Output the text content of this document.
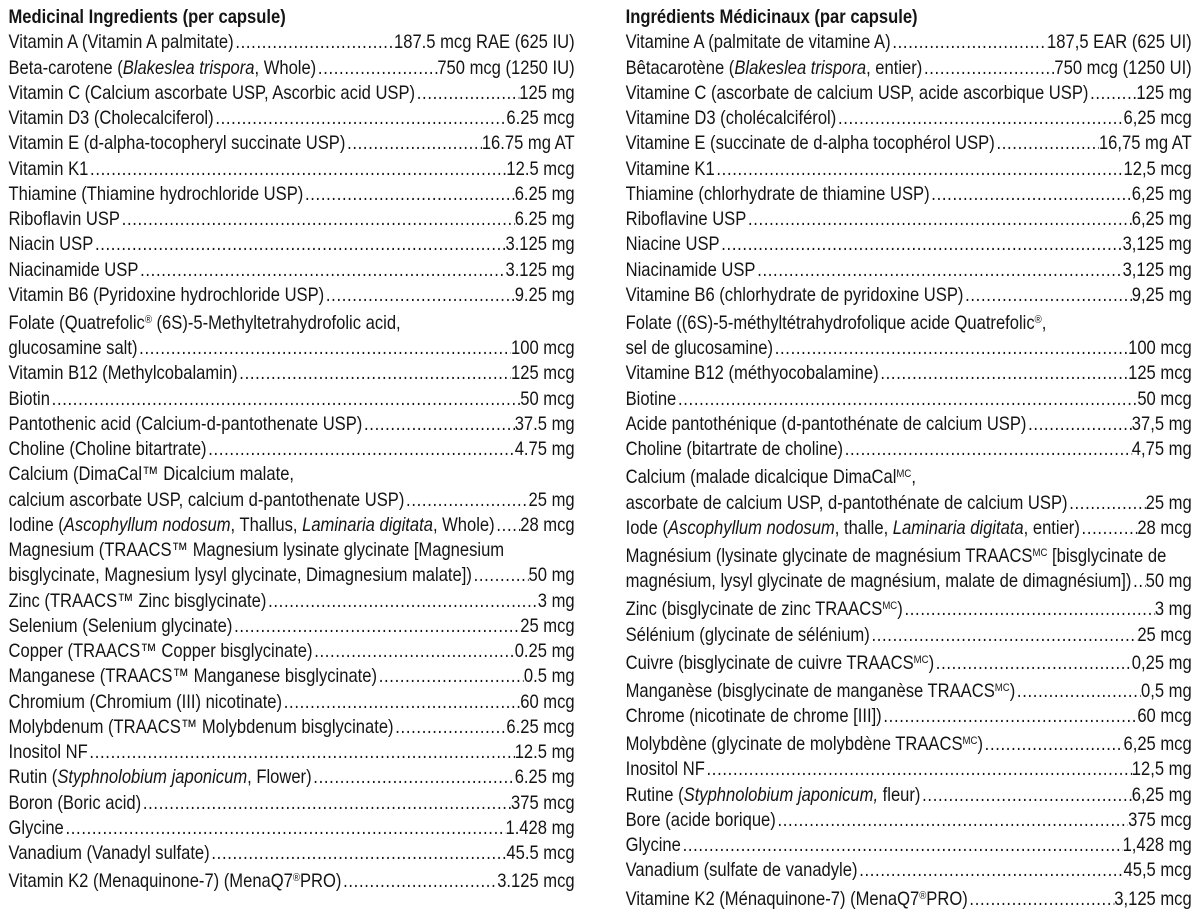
Medicinal Ingredients (per capsule)
Vitamin A (Vitamin A palmitate) .....	187.5 mcg RAE (625 IU)
Beta-carotene (Blakeslea trispora, Whole) .....	750 mcg (1250 IU)
Vitamin C (Calcium ascorbate USP, Ascorbic acid USP) .....	125 mg
Vitamin D3 (Cholecalciferol) .....	6.25 mcg
Vitamin E (d-alpha-tocopheryl succinate USP) .....	16.75 mg AT
Vitamin K1 .....	12.5 mcg
Thiamine (Thiamine hydrochloride USP) .....	6.25 mg
Riboflavin USP .....	6.25 mg
Niacin USP .....	3.125 mg
Niacinamide USP .....	3.125 mg
Vitamin B6 (Pyridoxine hydrochloride USP) .....	9.25 mg
Folate (Quatrefolic® (6S)-5-Methyltetrahydrofolic acid,
glucosamine salt) .....	100 mcg
Vitamin B12 (Methylcobalamin) .....	125 mcg
Biotin .....	50 mcg
Pantothenic acid (Calcium-d-pantothenate USP) .....	37.5 mg
Choline (Choline bitartrate) .....	4.75 mg
Calcium (DimaCal™ Dicalcium malate,
calcium ascorbate USP, calcium d-pantothenate USP) .....	25 mg
Iodine (Ascophyllum nodosum, Thallus, Laminaria digitata, Whole) ..... 28 mcg
Magnesium (TRAACS™ Magnesium lysinate glycinate [Magnesium
bisglycinate, Magnesium lysyl glycinate, Dimagnesium malate]) .....	50 mg
Zinc (TRAACS™ Zinc bisglycinate) .....	3 mg
Selenium (Selenium glycinate) .....	25 mcg
Copper (TRAACS™ Copper bisglycinate) .....	0.25 mg
Manganese (TRAACS™ Manganese bisglycinate) .....	0.5 mg
Chromium (Chromium (III) nicotinate) .....	60 mcg
Molybdenum (TRAACS™ Molybdenum bisglycinate) .....	6.25 mcg
Inositol NF .....	12.5 mg
Rutin (Styphnolobium japonicum, Flower) .....	6.25 mg
Boron (Boric acid) .....	375 mcg
Glycine .....	1.428 mg
Vanadium (Vanadyl sulfate) .....	45.5 mcg
Vitamin K2 (Menaquinone-7) (MenaQ7®PRO) .....	3.125 mcg
Ingrédients Médicinaux (par capsule)
Vitamine A (palmitate de vitamine A) .....	187,5 EAR (625 UI)
Bêtacarotène (Blakeslea trispora, entier) .....	750 mcg (1250 UI)
Vitamine C (ascorbate de calcium USP, acide ascorbique USP) ..... 125 mg
Vitamine D3 (cholécalciférol) .....	6,25 mcg
Vitamine E (succinate de d-alpha tocophérol USP) .....	16,75 mg AT
Vitamine K1 .....	12,5 mcg
Thiamine (chlorhydrate de thiamine USP) .....	6,25 mg
Riboflavine USP .....	6,25 mg
Niacine USP .....	3,125 mg
Niacinamide USP .....	3,125 mg
Vitamine B6 (chlorhydrate de pyridoxine USP) .....	9,25 mg
Folate ((6S)-5-méthyltétrahydrofolique acide Quatrefolic®,
sel de glucosamine) .....	100 mcg
Vitamine B12 (méthyocobalamine) .....	125 mcg
Biotine .....	50 mcg
Acide pantothénique (d-pantothénate de calcium USP) .....	37,5 mg
Choline (bitartrate de choline) .....	4,75 mg
Calcium (malade dicalcique DimaCal$^{MC}$,
ascorbate de calcium USP, d-pantothénate de calcium USP) .....	25 mg
Iode (Ascophyllum nodosum, thalle, Laminaria digitata, entier) .....	28 mcg
Magnésium (lysinate glycinate de magnésium $TRAACS^{MC}$ [bisglycinate de
magnésium, lysyl glycinate de magnésium, malate de dimagnésium]) ..... 50 mg
Zinc (bisglycinate de zinc $TRAACS^{MC}$) .....	3 mg
Sélénium (glycinate de sélénium) .....	25 mcg
Cuivre (bisglycinate de cuivre $TRAACS^{MC}$) .....	0,25 mg
Manganèse (bisglycinate de manganèse $TRAACS^{MC}$) .....	0,5 mg
Chrome (nicotinate de chrome [III]) .....	60 mcg
Molybdène (glycinate de molybdène $TRAACS^{MC}$) .....	6,25 mcg
Inositol NF .....	12,5 mg
Rutine (Styphnolobium japonicum, fleur) .....	6,25 mg
Bore (acide borique) .....	375 mcg
Glycine .....	1,428 mg
Vanadium (sulfate de vanadyle) .....	45,5 mcg
Vitamine K2 (Ménaquinone-7) (MenaQ7®PRO) .....	3,125 mcg
